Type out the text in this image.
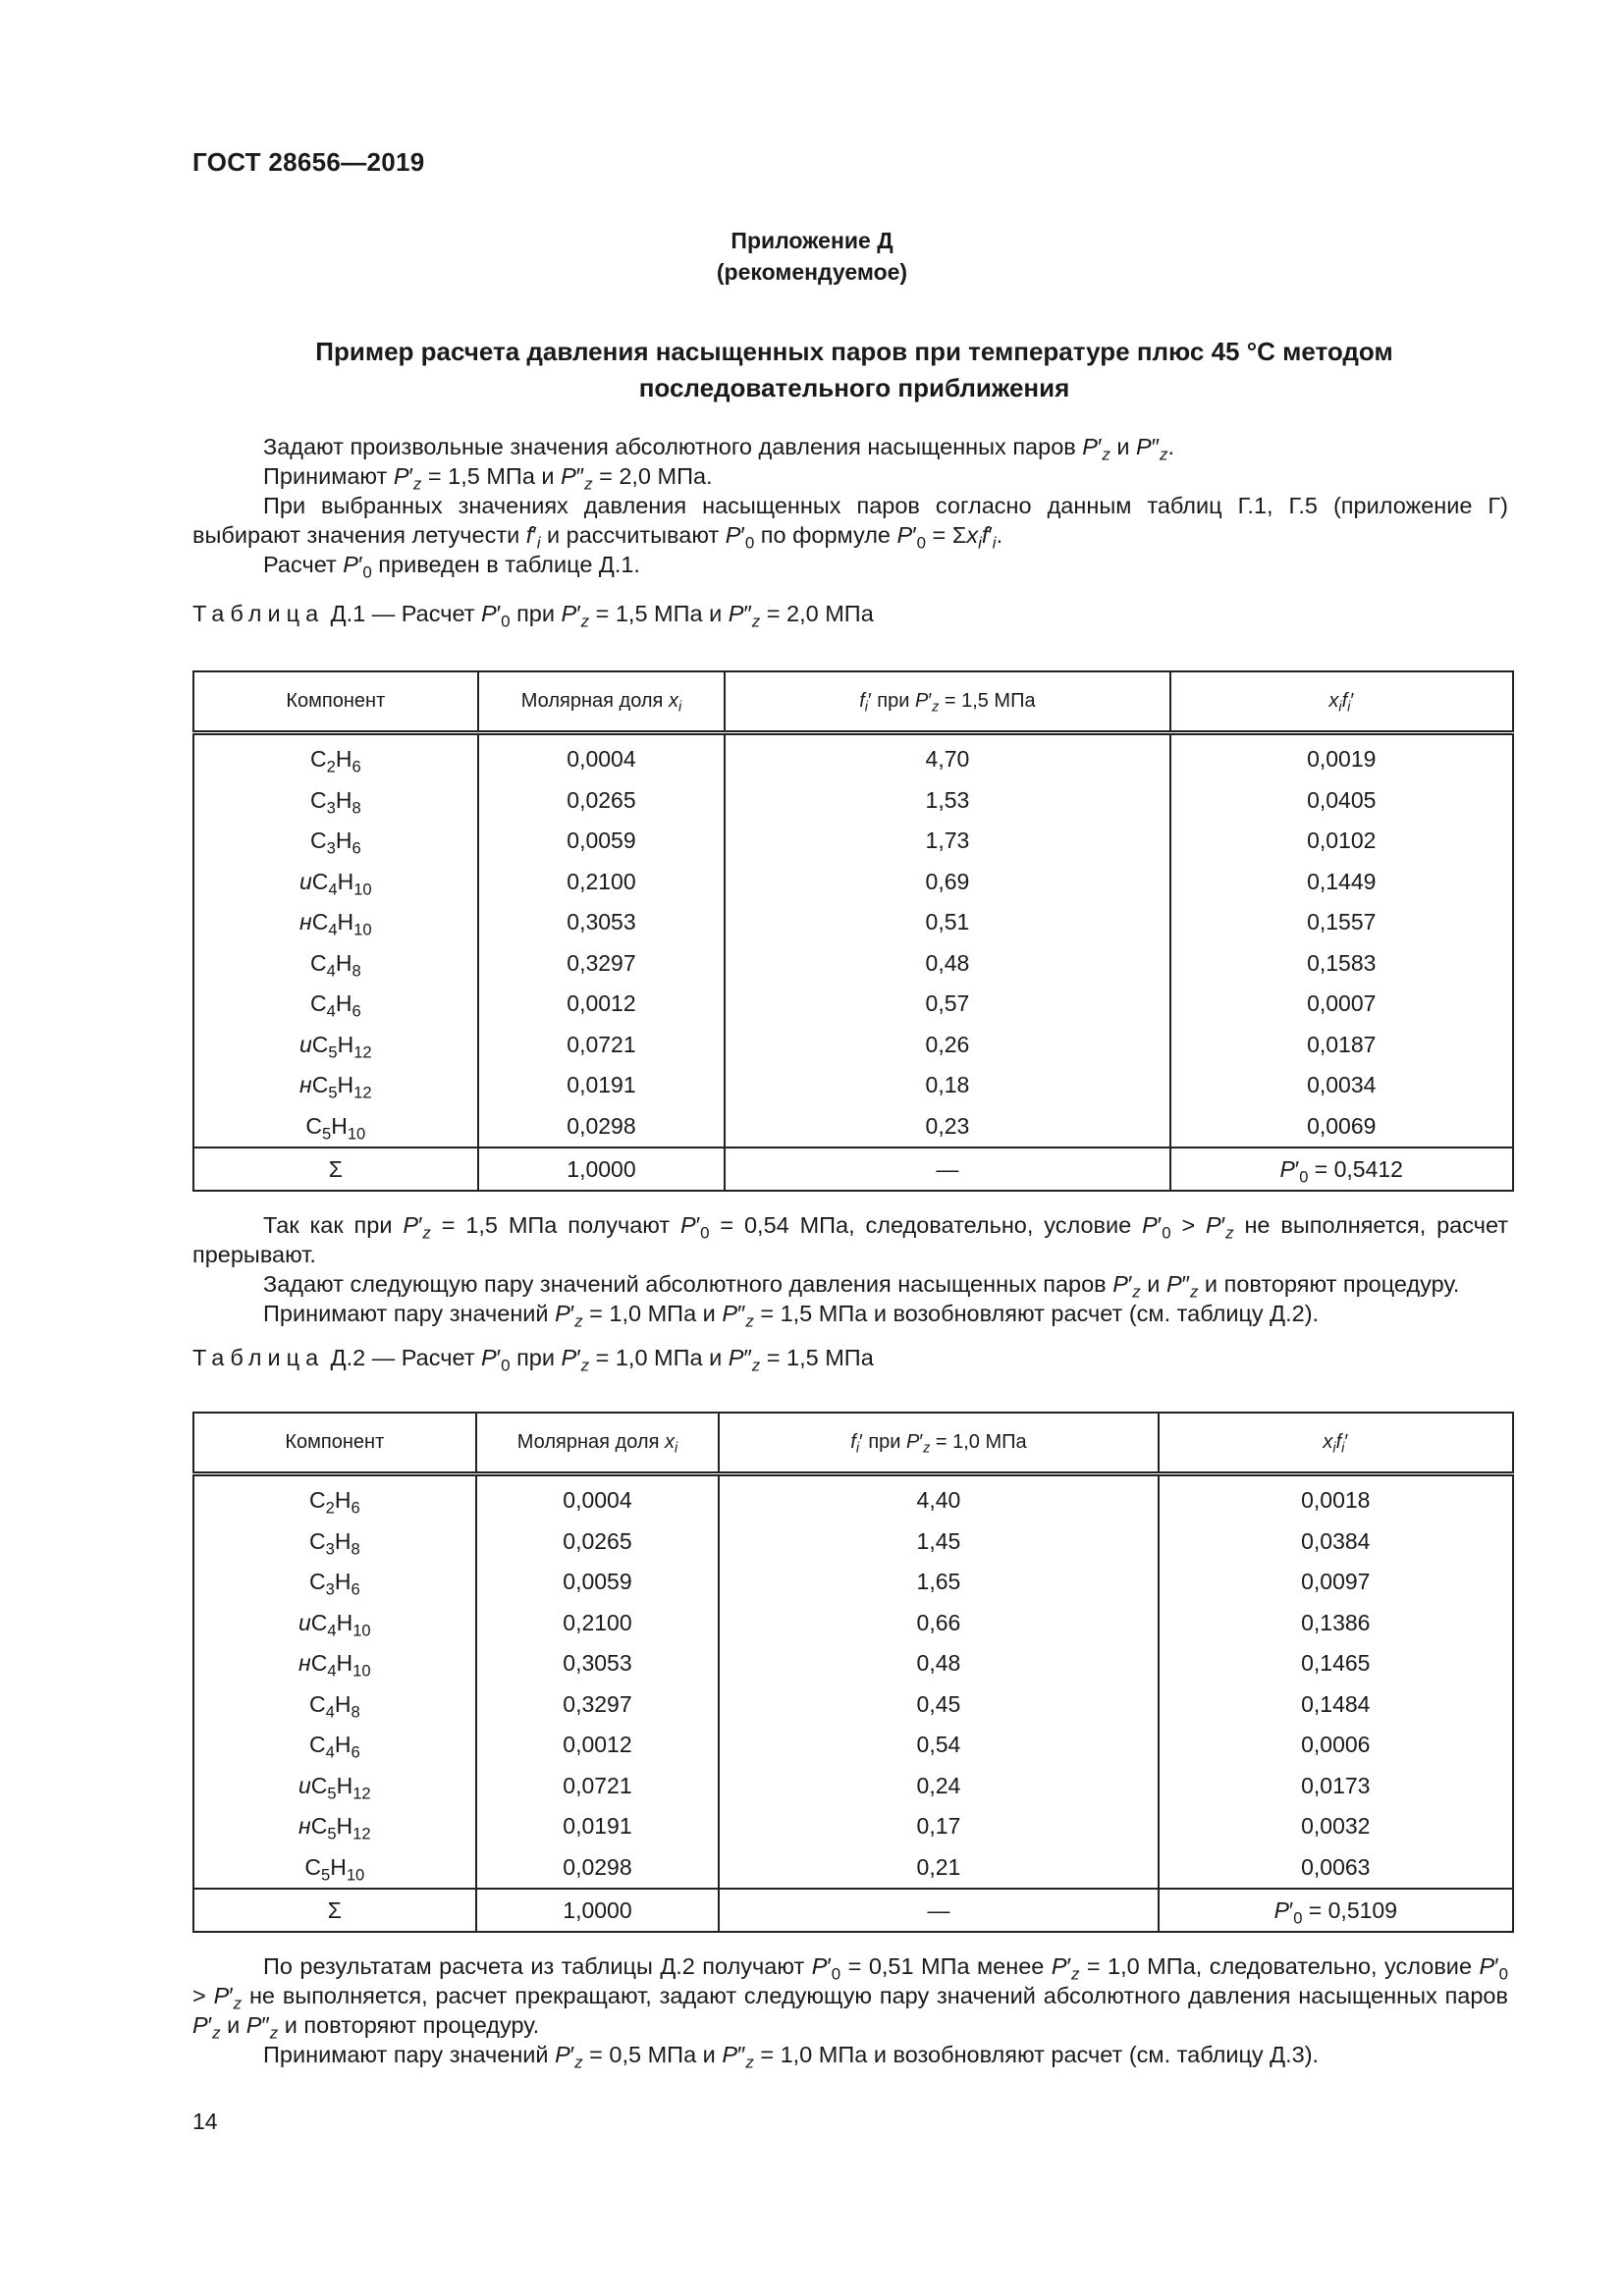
ГОСТ 28656—2019
Приложение Д
(рекомендуемое)
Пример расчета давления насыщенных паров при температуре плюс 45 °C методом
последовательного приближения

Задают произвольные значения абсолютного давления насыщенных паров $P'_z$ и $P''_z$.

Принимают $P'_z = 1,5$ МПа и $P''_z = 2,0$ МПа.

При выбранных значениях давления насыщенных паров согласно данным таблиц Г.1, Г.5 (приложение Г) выбирают значения летучести $f'_i$ и рассчитывают $P'_0$ по формуле $P'_0 = \Sigma x_if'_i$.

Расчет $P'_0$ приведен в таблице Д.1.

Таблица Д.1 — Расчет $P'_0$ при $P'_z = 1,5$ МПа и $P''_z = 2,0$ МПа
Компонент	Молярная доля $x_i$	$f_i'$ при $P'_z = 1,5$ МПа	$x_if_i'$
$C_2H_6$	0,0004	4,70	0,0019
$C_3H_8$	0,0265	1,53	0,0405
$C_3H_6$	0,0059	1,73	0,0102
$иC_4H_{10}$	0,2100	0,69	0,1449
$нC_4H_{10}$	0,3053	0,51	0,1557
$C_4H_8$	0,3297	0,48	0,1583
$C_4H_6$	0,0012	0,57	0,0007
$иC_5H_{12}$	0,0721	0,26	0,0187
$нC_5H_{12}$	0,0191	0,18	0,0034
$C_5H_{10}$	0,0298	0,23	0,0069
Σ	1,0000	—	$P'_0 = 0,5412$

Так как при $P'_z = 1,5$ МПа получают $P'_0 = 0,54$ МПа, следовательно, условие $P'_0 > P'_z$ не выполняется, расчет прерывают.

Задают следующую пару значений абсолютного давления насыщенных паров $P'_z$ и $P''_z$ и повторяют процедуру.

Принимают пару значений $P'_z = 1,0$ МПа и $P''_z = 1,5$ МПа и возобновляют расчет (см. таблицу Д.2).

Таблица Д.2 — Расчет $P'_0$ при $P'_z = 1,0$ МПа и $P''_z = 1,5$ МПа
Компонент	Молярная доля $x_i$	$f_i'$ при $P'_z = 1,0$ МПа	$x_if_i'$
$C_2H_6$	0,0004	4,40	0,0018
$C_3H_8$	0,0265	1,45	0,0384
$C_3H_6$	0,0059	1,65	0,0097
$иC_4H_{10}$	0,2100	0,66	0,1386
$нC_4H_{10}$	0,3053	0,48	0,1465
$C_4H_8$	0,3297	0,45	0,1484
$C_4H_6$	0,0012	0,54	0,0006
$иC_5H_{12}$	0,0721	0,24	0,0173
$нC_5H_{12}$	0,0191	0,17	0,0032
$C_5H_{10}$	0,0298	0,21	0,0063
Σ	1,0000	—	$P'_0 = 0,5109$

По результатам расчета из таблицы Д.2 получают $P'_0 = 0,51$ МПа менее $P'_z = 1,0$ МПа, следовательно, условие $P'_0 > P'_z$ не выполняется, расчет прекращают, задают следующую пару значений абсолютного давления насыщенных паров $P'_z$ и $P''_z$ и повторяют процедуру.

Принимают пару значений $P'_z = 0,5$ МПа и $P''_z = 1,0$ МПа и возобновляют расчет (см. таблицу Д.3).

14
